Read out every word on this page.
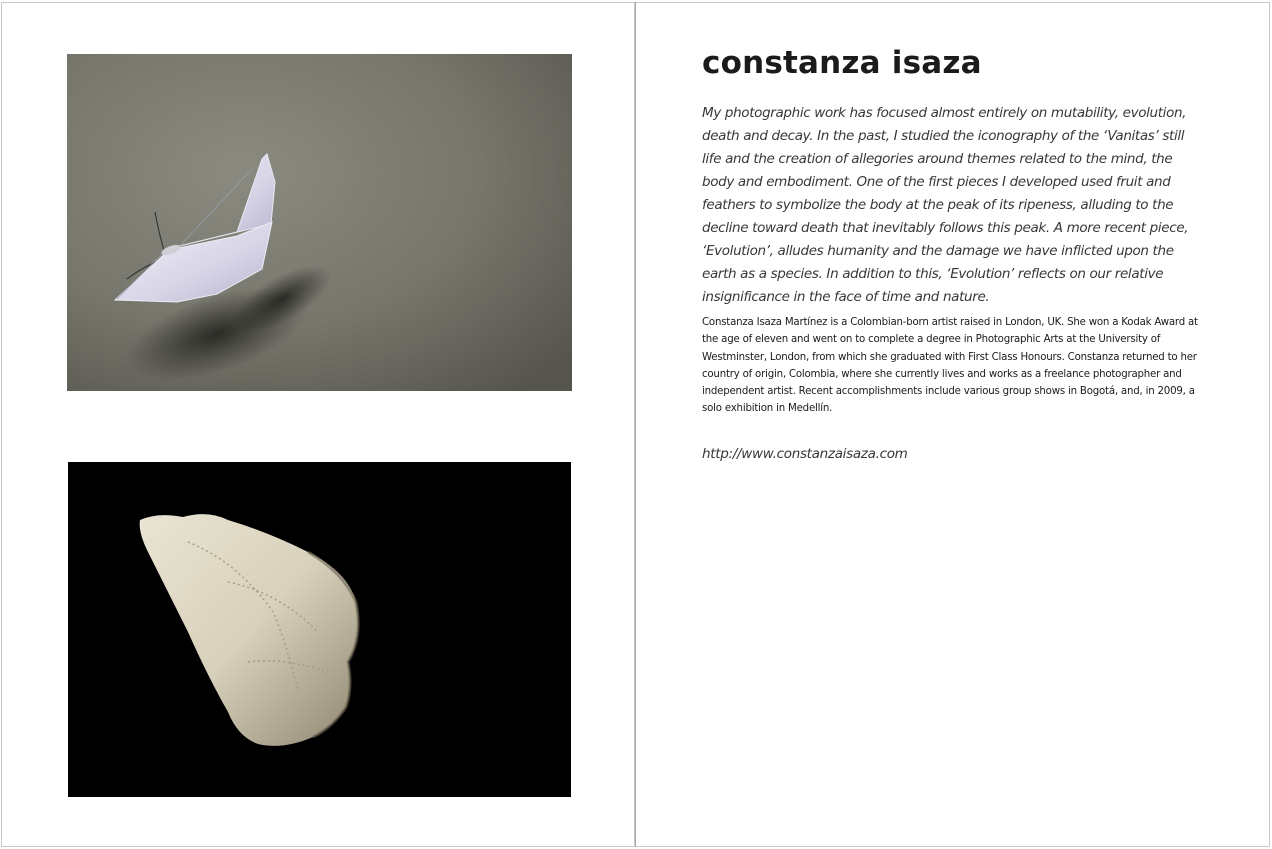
constanza isaza

My photographic work has focused almost entirely on mutability, evolution, death and decay. In the past, I studied the iconography of the ‘Vanitas’ still life and the creation of allegories around themes related to the mind, the body and embodiment. One of the first pieces I developed used fruit and feathers to symbolize the body at the peak of its ripeness, alluding to the decline toward death that inevitably follows this peak. A more recent piece, ‘Evolution’, alludes humanity and the damage we have inflicted upon the earth as a species. In addition to this, ‘Evolution’ reflects on our relative insignificance in the face of time and nature.

Constanza Isaza Martínez is a Colombian-born artist raised in London, UK. She won a Kodak Award at the age of eleven and went on to complete a degree in Photographic Arts at the University of Westminster, London, from which she graduated with First Class Honours. Constanza returned to her country of origin, Colombia, where she currently lives and works as a freelance photographer and independent artist. Recent accomplishments include various group shows in Bogotá, and, in 2009, a solo exhibition in Medellín.

http://www.constanzaisaza.com
